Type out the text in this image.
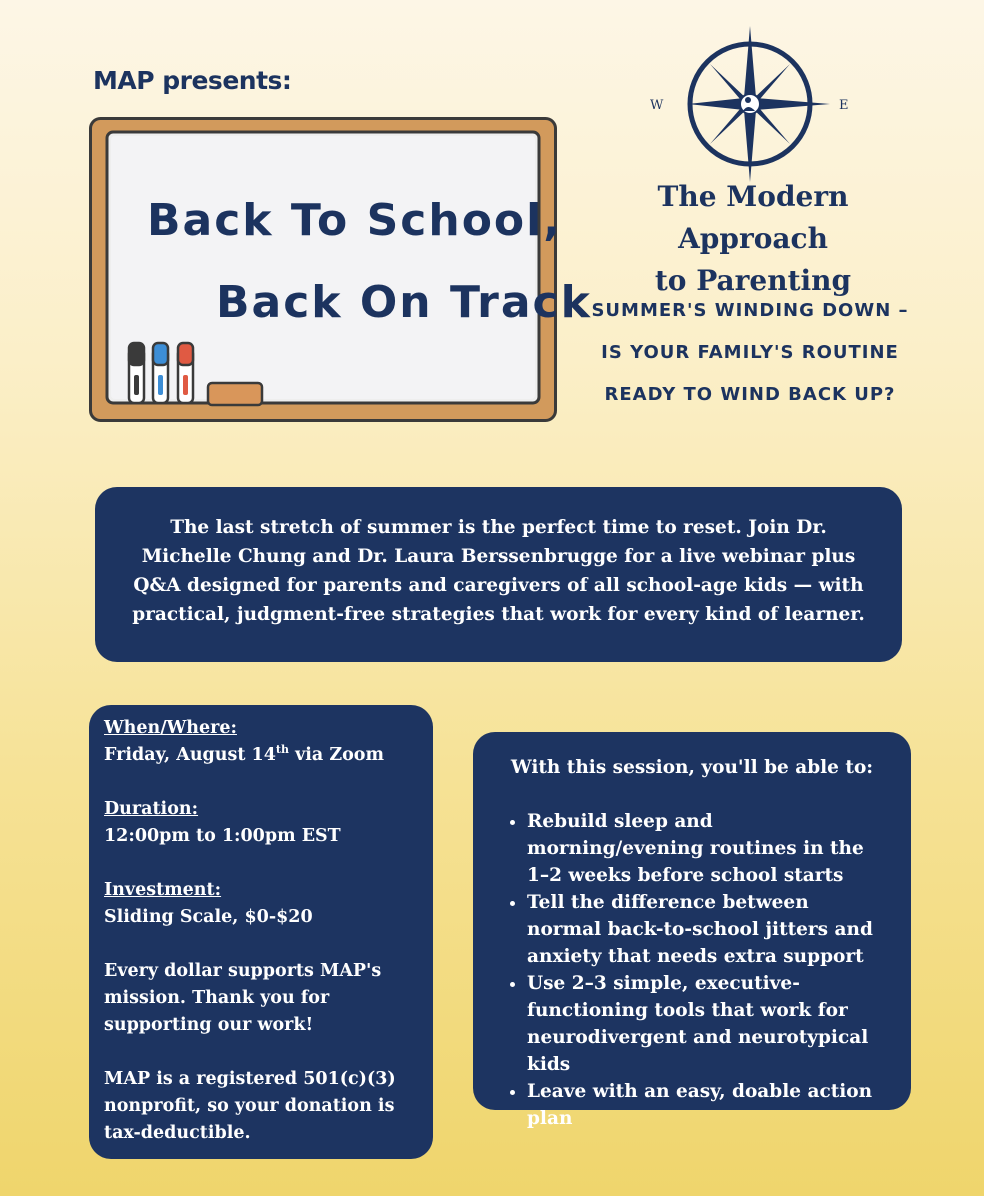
MAP presents:
Back To School,
Back On Track
W	E
The Modern Approach
to Parenting
SUMMER'S WINDING DOWN –
IS YOUR FAMILY'S ROUTINE
READY TO WIND BACK UP?
The last stretch of summer is the perfect time to reset. Join Dr. Michelle Chung and Dr. Laura Berssenbrugge for a live webinar plus Q&A designed for parents and caregivers of all school-age kids — with practical, judgment-free strategies that work for every kind of learner.
When/Where:
Friday, August 14th via Zoom
Duration:
12:00pm to 1:00pm EST
Investment:
Sliding Scale, $0-$20
Every dollar supports MAP's mission. Thank you for supporting our work!
MAP is a registered 501(c)(3) nonprofit, so your donation is tax-deductible.
With this session, you'll be able to:
• Rebuild sleep and morning/evening routines in the 1–2 weeks before school starts
• Tell the difference between normal back-to-school jitters and anxiety that needs extra support
• Use 2–3 simple, executive-functioning tools that work for neurodivergent and neurotypical kids
• Leave with an easy, doable action plan
